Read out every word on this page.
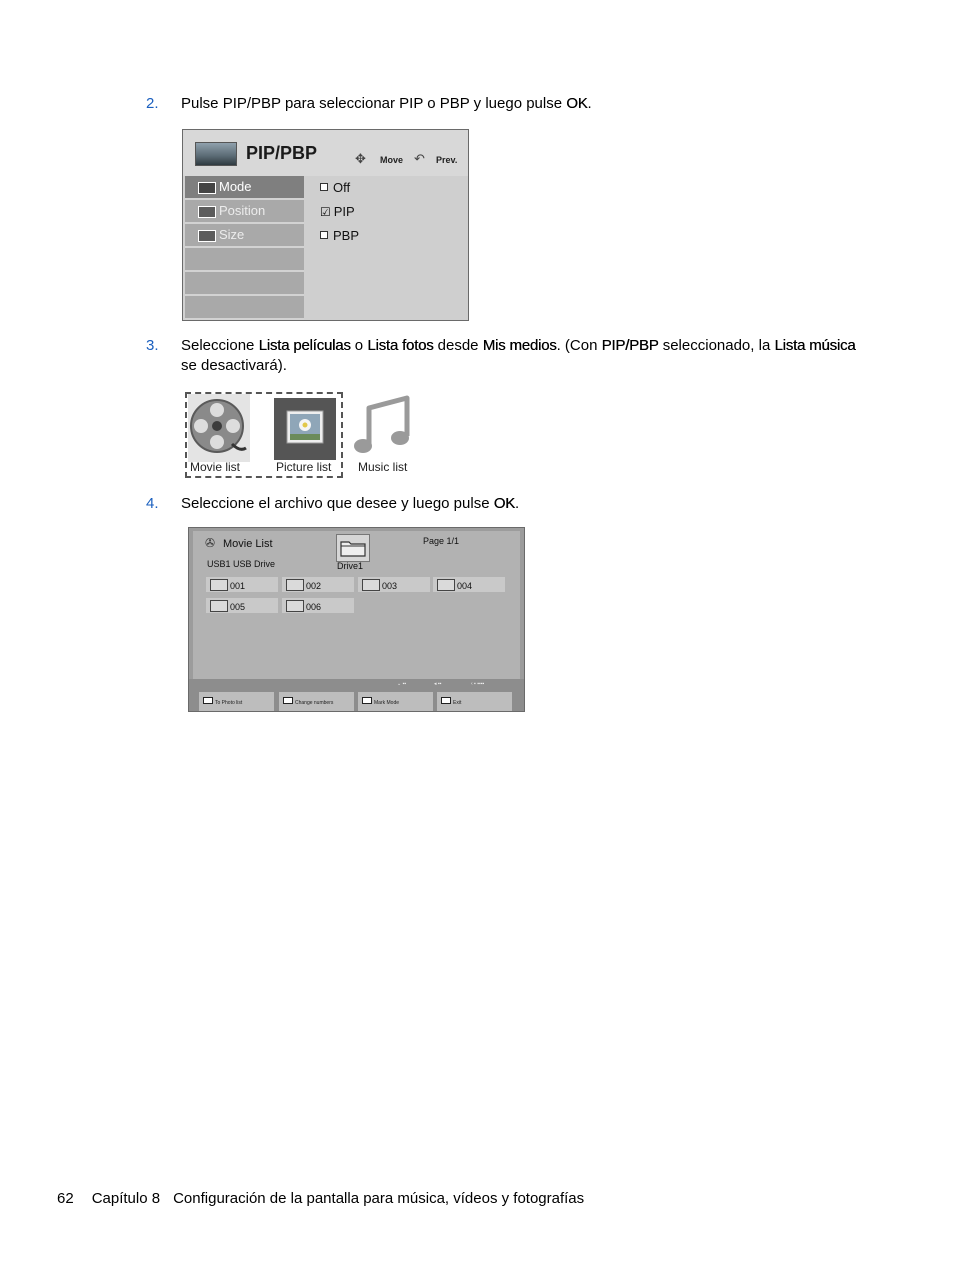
2. Pulse PIP/PBP para seleccionar PIP o PBP y luego pulse OK.
PIP/PBP	✥ Move ↶ Prev.
Mode
Position
Size
Off
☑ PIP
PBP
3. Seleccione Lista películas o Lista fotos desde Mis medios. (Con PIP/PBP seleccionado, la Lista música se desactivará).
Movie list	Picture list Music list
4. Seleccione el archivo que desee y luego pulse OK.
✇ Movie List
USB1 USB Drive	Drive1
Page 1/1
001	002	003	004
005	006
⌄ ▪▪	◂ ▪▪	‹ ▪ ▪▪▪▪
To Photo list	Change numbers	Mark Mode	Exit
62 Capítulo 8 Configuración de la pantalla para música, vídeos y fotografías
